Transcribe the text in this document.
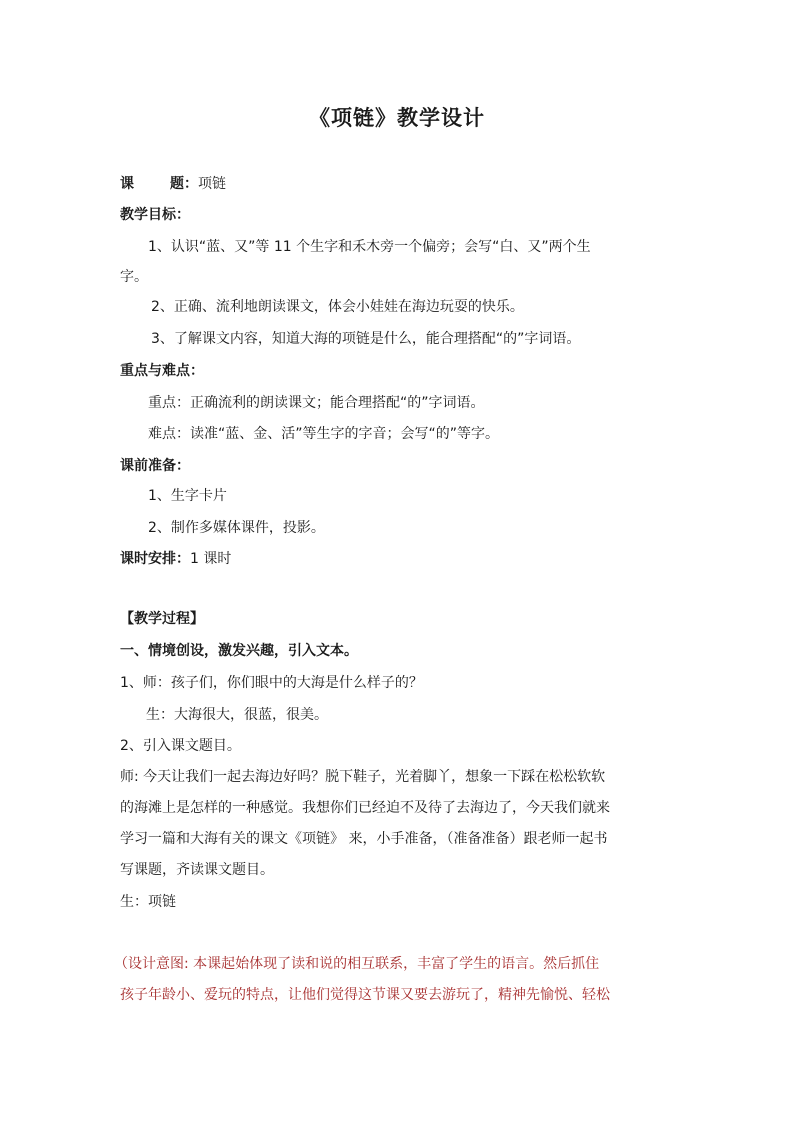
《项链》教学设计
课	题：项链
教学目标：
1、认识“蓝、又”等 11 个生字和禾木旁一个偏旁；会写“白、又”两个生
字。
2、正确、流利地朗读课文，体会小娃娃在海边玩耍的快乐。
3、了解课文内容，知道大海的项链是什么，能合理搭配“的”字词语。
重点与难点：
重点：正确流利的朗读课文；能合理搭配“的”字词语。
难点：读准“蓝、金、活”等生字的字音；会写“的”等字。
课前准备：
1、生字卡片
2、制作多媒体课件，投影。
课时安排：1 课时
【教学过程】
一、情境创设，激发兴趣，引入文本。
1、师：孩子们，你们眼中的大海是什么样子的？
生：大海很大，很蓝，很美。
2、引入课文题目。
师: 今天让我们一起去海边好吗？脱下鞋子，光着脚丫，想象一下踩在松松软软
的海滩上是怎样的一种感觉。我想你们已经迫不及待了去海边了，今天我们就来
学习一篇和大海有关的课文《项链》 来，小手准备，（准备准备）跟老师一起书
写课题，齐读课文题目。
生：项链
（设计意图: 本课起始体现了读和说的相互联系，丰富了学生的语言。然后抓住
孩子年龄小、爱玩的特点，让他们觉得这节课又要去游玩了，精神先愉悦、轻松
